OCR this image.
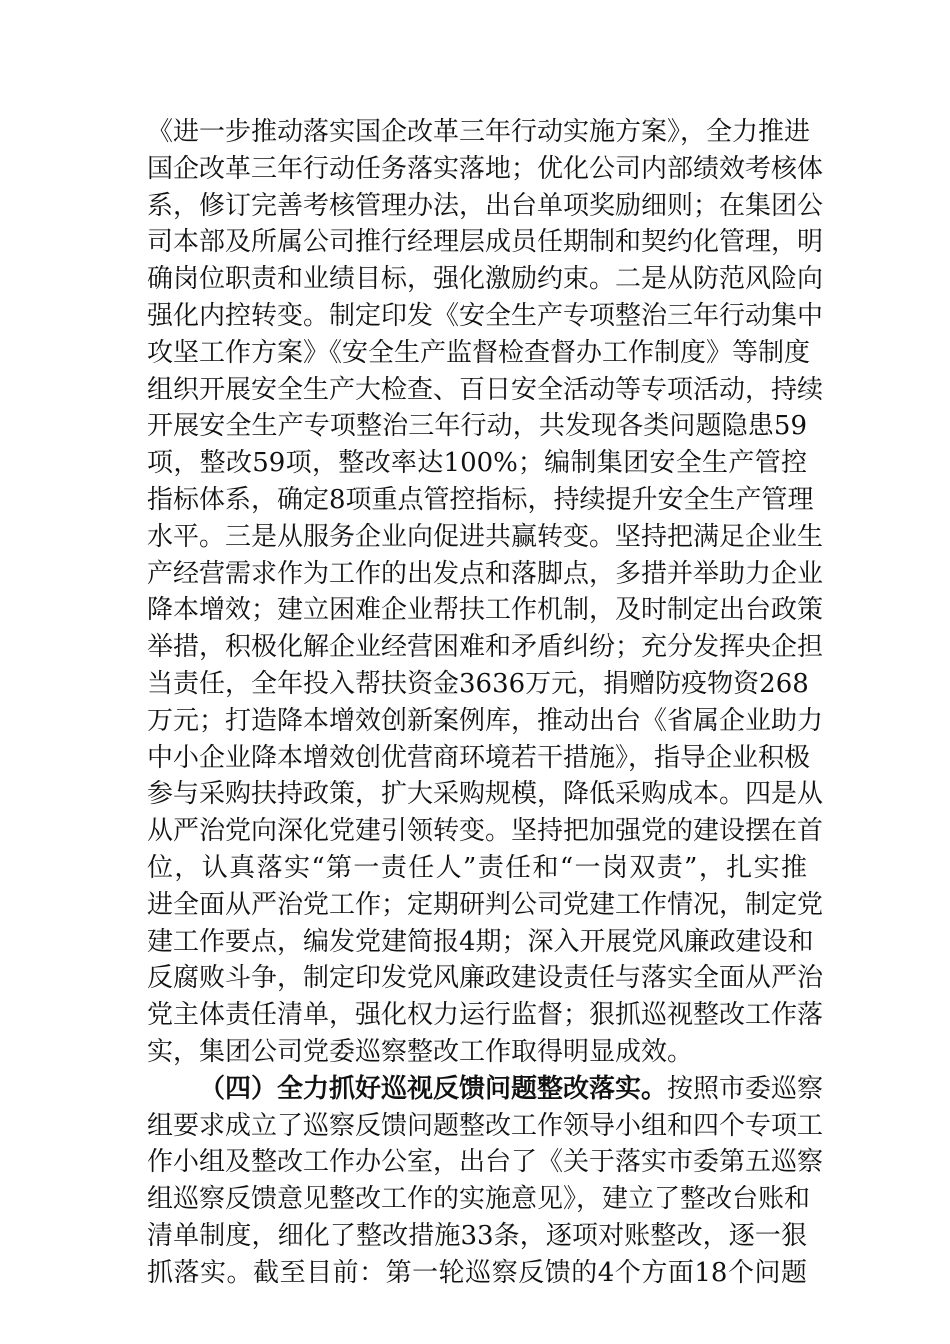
《进一步推动落实国企改革三年行动实施方案》，全力推进
国企改革三年行动任务落实落地；优化公司内部绩效考核体
系，修订完善考核管理办法，出台单项奖励细则；在集团公
司本部及所属公司推行经理层成员任期制和契约化管理，明
确岗位职责和业绩目标，强化激励约束。二是从防范风险向
强化内控转变。制定印发《安全生产专项整治三年行动集中
攻坚工作方案》《安全生产监督检查督办工作制度》等制度
组织开展安全生产大检查、百日安全活动等专项活动，持续
开展安全生产专项整治三年行动，共发现各类问题隐患59
项，整改59项，整改率达100%；编制集团安全生产管控
指标体系，确定8项重点管控指标，持续提升安全生产管理
水平。三是从服务企业向促进共赢转变。坚持把满足企业生
产经营需求作为工作的出发点和落脚点，多措并举助力企业
降本增效；建立困难企业帮扶工作机制，及时制定出台政策
举措，积极化解企业经营困难和矛盾纠纷；充分发挥央企担
当责任，全年投入帮扶资金3636万元，捐赠防疫物资268
万元；打造降本增效创新案例库，推动出台《省属企业助力
中小企业降本增效创优营商环境若干措施》，指导企业积极
参与采购扶持政策，扩大采购规模，降低采购成本。四是从
从严治党向深化党建引领转变。坚持把加强党的建设摆在首
位，认真落实“第一责任人”责任和“一岗双责”，扎实推
进全面从严治党工作；定期研判公司党建工作情况，制定党
建工作要点，编发党建简报4期；深入开展党风廉政建设和
反腐败斗争，制定印发党风廉政建设责任与落实全面从严治
党主体责任清单，强化权力运行监督；狠抓巡视整改工作落
实，集团公司党委巡察整改工作取得明显成效。
（四）全力抓好巡视反馈问题整改落实。按照市委巡察
组要求成立了巡察反馈问题整改工作领导小组和四个专项工
作小组及整改工作办公室，出台了《关于落实市委第五巡察
组巡察反馈意见整改工作的实施意见》，建立了整改台账和
清单制度，细化了整改措施33条，逐项对账整改，逐一狠
抓落实。截至目前：第一轮巡察反馈的4个方面18个问题
